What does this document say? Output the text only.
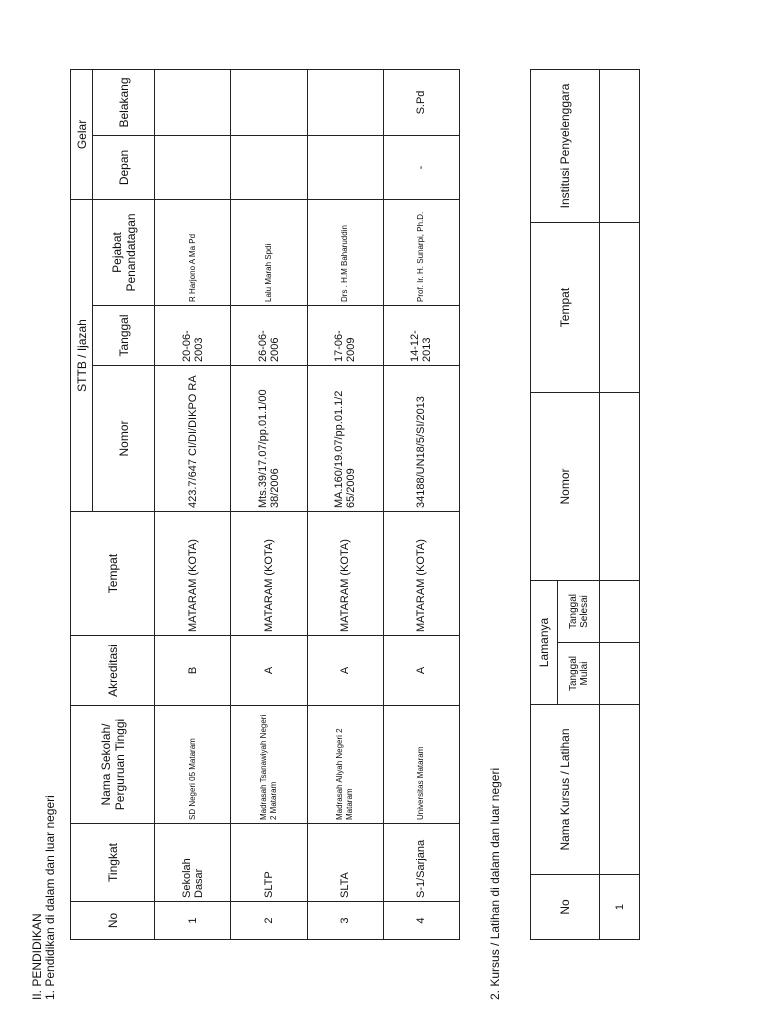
II. PENDIDIKAN 1. Pendidikan di dalam dan luar negeri	No	Tingkat	Nama Sekolah/ Perguruan Tinggi	Akreditasi	Tempat	STTB / Ijazah			Gelar	
					Nomor	Tanggal	Pejabat Penandatagan	Depan	Belakang

1	Sekolah Dasar	SD Negeri 05 Mataram	B	MATARAM (KOTA)	423.7/647 CI/DI/DIKPO RA	20-06-2003	R Harjono A Ma Pd		
2	SLTP	Madrasah Tsanawiyah Negeri 2 Mataram	A	MATARAM (KOTA)	Mts.39/17.07/pp.01.1/00 38/2006	26-06-2006	Lalu Marah Spdi		
3	SLTA	Madrasah Aliyah Negeri 2 Mataram	A	MATARAM (KOTA)	MA.160/19.07/pp.01.1/2 65/2009	17-06-2009	Drs . H.M Baharuddin		
4	S-1/Sarjana	Universitas Mataram	A	MATARAM (KOTA)	34188/UN18/5/SI/2013	14-12-2013	Prof. Ir. H. Sunarpi, Ph.D.	-	S.Pd
2. Kursus / Latihan di dalam dan luar negeri	No	Nama Kursus / Latihan	Lamanya		Nomor	Tempat	Institusi Penyelenggara
		Tanggal Mulai	Tanggal Selesai			
1						
